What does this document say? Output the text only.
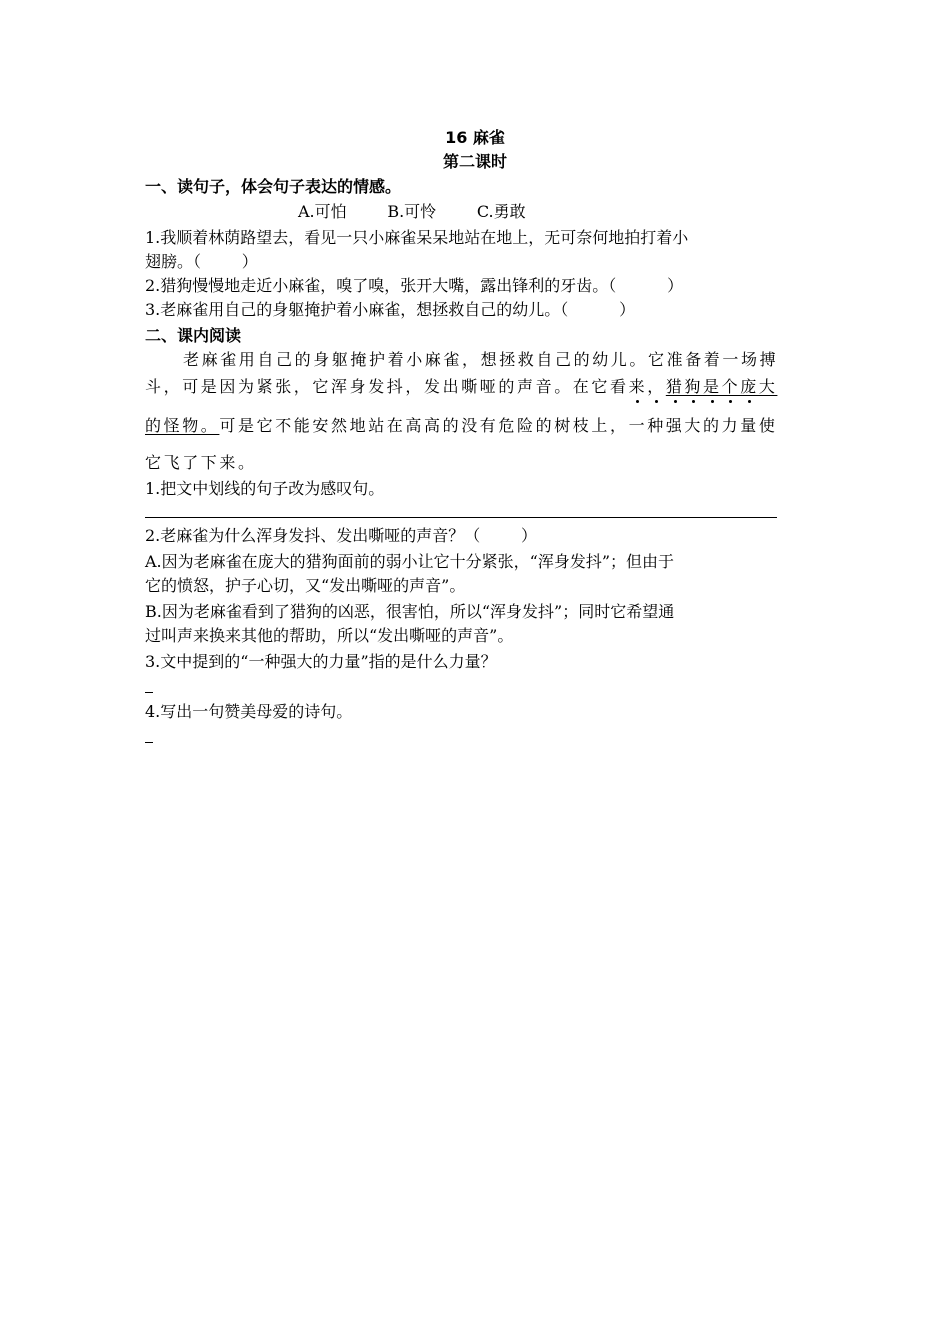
16 麻雀
第二课时
一、读句子，体会句子表达的情感。
A.可怕        B.可怜        C.勇敢
1.我顺着林荫路望去，看见一只小麻雀呆呆地站在地上，无可奈何地拍打着小
翅膀。（        ）
2.猎狗慢慢地走近小麻雀，嗅了嗅，张开大嘴，露出锋利的牙齿。（          ）
3.老麻雀用自己的身躯掩护着小麻雀，想拯救自己的幼儿。（          ）
二、课内阅读
老麻雀用自己的身躯掩护着小麻雀，想拯救自己的幼儿。它准备着一场搏
斗，可是因为紧张，它浑身发抖，发出嘶哑的声音。在它看来，猎狗是个庞大
的怪物。可是它不能安然地站在高高的没有危险的树枝上，
一种强大的力量使
它飞了下来。
1.把文中划线的句子改为感叹句。
2.老麻雀为什么浑身发抖、发出嘶哑的声音？（        ）
A.因为老麻雀在庞大的猎狗面前的弱小让它十分紧张，“浑身发抖”；但由于
它的愤怒，护子心切，又“发出嘶哑的声音”。
B.因为老麻雀看到了猎狗的凶恶，很害怕，所以“浑身发抖”；同时它希望通
过叫声来换来其他的帮助，所以“发出嘶哑的声音”。
3.文中提到的“一种强大的力量”指的是什么力量？
4.写出一句赞美母爱的诗句。
